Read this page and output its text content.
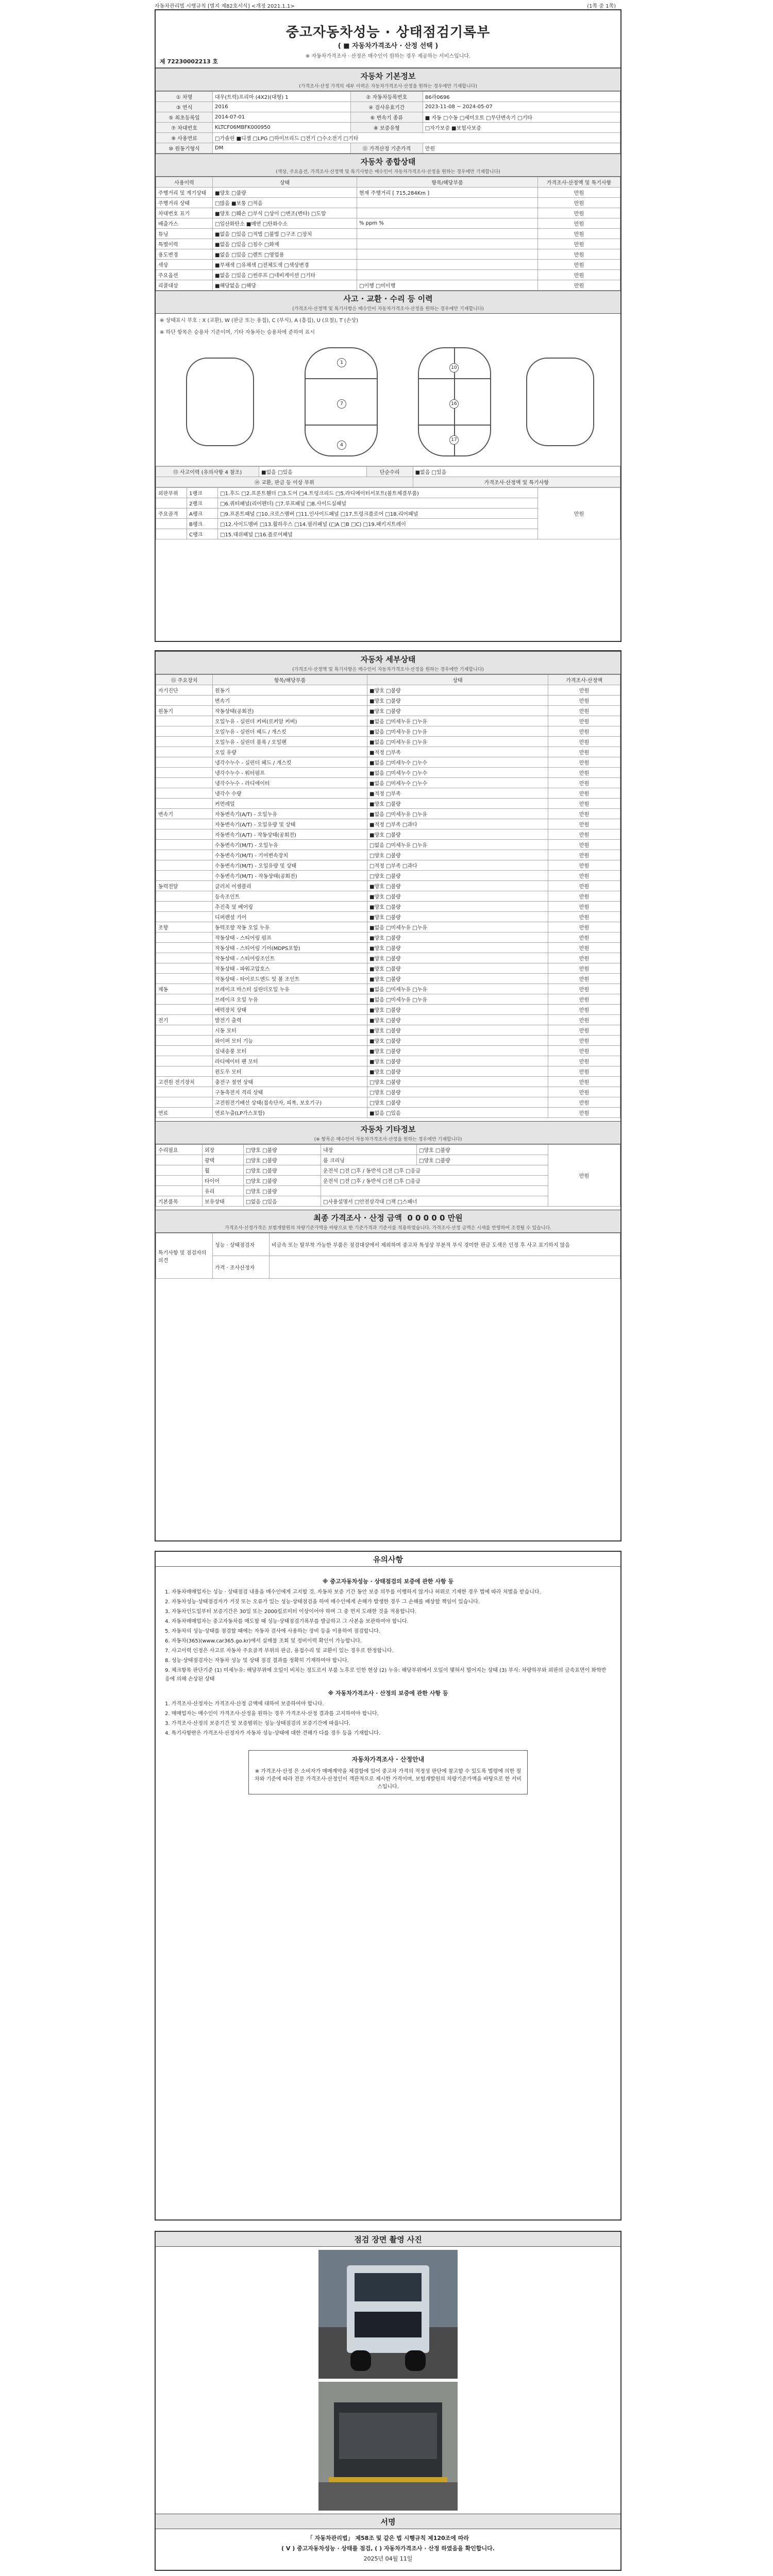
자동차관리법 시행규칙 [별지 제82호서식] <개정 2021.1.1>	(1쪽 중 1쪽)
중고자동차성능 · 상태점검기록부
( ■ 자동차가격조사 · 산정 선택 )
※ 자동차가격조사 · 산정은 매수인이 원하는 경우 제공하는 서비스입니다.
제 72230002213 호
자동차 기본정보
(가격조사·산정 가격의 세부 이력은 자동차가격조사·산정을 원하는 경우에만 기재합니다)
① 차명	대우(트럭)프리마 (4X2)(대형) 1	② 자동차등록번호	86라0696
③ 연식	2016	④ 검사유효기간	2023-11-08 ~ 2024-05-07
⑤ 최초등록일	2014-07-01	⑥ 변속기 종류	■ 자동 □수동 □세미오토 □무단변속기 □기타
⑦ 차대번호	KLTCF06MBFK000950	⑧ 보증유형	□자가보증 ■보험사보증
⑨ 사용연료	□가솔린 ■디젤 □LPG □하이브리드 □전기 □수소전기 □기타		
⑩ 원동기형식	DM	⑪ 가격산정 기준가격	만원
자동차 종합상태
(색상, 주요옵션, 가격조사·산정액 및 특기사항은 매수인이 자동차가격조사·산정을 원하는 경우에만 기재합니다)
사용이력	상태	항목/해당부품	가격조사·산정액 및 특기사항
주행거리 및 계기상태	■양호 □불량	현재 주행거리 [ 715,284Km ]	만원
주행거리 상태	□많음 ■보통 □적음		만원
차대번호 표기	■양호 □훼손 □부식 □상이 □변조(변타) □도말		만원
배출가스	□일산화탄소 ■매연 □탄화수소	% ppm %	만원
튜닝	■없음 □있음 □적법 □불법 □구조 □장치		만원
특별이력	■없음 □있음 □침수 □화재		만원
용도변경	■없음 □있음 □렌트 □영업용		만원
색상	■무채색 □유채색 □전체도색 □색상변경		만원
주요옵션	■없음 □있음 □썬루프 □네비게이션 □기타		만원
리콜대상	■해당없음 □해당	□이행 □미이행	만원
사고 · 교환 · 수리 등 이력
(가격조사·산정액 및 특기사항은 매수인이 자동차가격조사·산정을 원하는 경우에만 기재합니다)
※ 상태표시 부호 : X (교환), W (판금 또는 용접), C (부식), A (흠집), U (요철), T (손상)
※ 하단 항목은 승용차 기준이며, 기타 자동차는 승용차에 준하여 표시
1
7
4
10
16
17
⑬ 사고이력 (유의사항 4 참조)	■없음 □있음	단순수리	■없음 □있음
⑭ 교환, 판금 등 이상 부위			가격조사·산정액 및 특기사항
외판부위	1랭크	□1.후드 □2.프론트휀더 □3.도어 □4.트렁크리드 □5.라디에이터서포트(볼트체결부품)	만원
	2랭크	□6.쿼터패널(리어펜더) □7.루프패널 □8.사이드실패널	
주요골격	A랭크	□9.프론트패널 □10.크로스멤버 □11.인사이드패널 □17.트렁크플로어 □18.리어패널	
	B랭크	□12.사이드멤버 □13.휠하우스 □14.필러패널 (□A □B □C) □19.패키지트레이	
	C랭크	□15.대쉬패널 □16.플로어패널	
자동차 세부상태
(가격조사·산정액 및 특기사항은 매수인이 자동차가격조사·산정을 원하는 경우에만 기재합니다)
⑮ 주요장치	항목/해당부품	상태	가격조사·산정액
자기진단	원동기	■양호 □불량	만원
	변속기	■양호 □불량	만원
원동기	작동상태(공회전)	■양호 □불량	만원
	오일누유 - 실린더 커버(로커암 커버)	■없음 □미세누유 □누유	만원
	오일누유 - 실린더 헤드 / 개스킷	■없음 □미세누유 □누유	만원
	오일누유 - 실린더 블록 / 오일팬	■없음 □미세누유 □누유	만원
	오일 유량	■적정 □부족	만원
	냉각수누수 - 실린더 헤드 / 개스킷	■없음 □미세누수 □누수	만원
	냉각수누수 - 워터펌프	■없음 □미세누수 □누수	만원
	냉각수누수 - 라디에이터	■없음 □미세누수 □누수	만원
	냉각수 수량	■적정 □부족	만원
	커먼레일	■양호 □불량	만원
변속기	자동변속기(A/T) - 오일누유	■없음 □미세누유 □누유	만원
	자동변속기(A/T) - 오일유량 및 상태	■적정 □부족 □과다	만원
	자동변속기(A/T) - 작동상태(공회전)	■양호 □불량	만원
	수동변속기(M/T) - 오일누유	□없음 □미세누유 □누유	만원
	수동변속기(M/T) - 기어변속장치	□양호 □불량	만원
	수동변속기(M/T) - 오일유량 및 상태	□적정 □부족 □과다	만원
	수동변속기(M/T) - 작동상태(공회전)	□양호 □불량	만원
동력전달	클러치 어셈블리	■양호 □불량	만원
	등속조인트	■양호 □불량	만원
	추진축 및 베어링	■양호 □불량	만원
	디퍼렌셜 기어	■양호 □불량	만원
조향	동력조향 작동 오일 누유	■없음 □미세누유 □누유	만원
	작동상태 - 스티어링 펌프	■양호 □불량	만원
	작동상태 - 스티어링 기어(MDPS포함)	■양호 □불량	만원
	작동상태 - 스티어링조인트	■양호 □불량	만원
	작동상태 - 파워고압호스	■양호 □불량	만원
	작동상태 - 타이로드엔드 및 볼 조인트	■양호 □불량	만원
제동	브레이크 마스터 실린더오일 누유	■없음 □미세누유 □누유	만원
	브레이크 오일 누유	■없음 □미세누유 □누유	만원
	배력장치 상태	■양호 □불량	만원
전기	발전기 출력	■양호 □불량	만원
	시동 모터	■양호 □불량	만원
	와이퍼 모터 기능	■양호 □불량	만원
	실내송풍 모터	■양호 □불량	만원
	라디에이터 팬 모터	■양호 □불량	만원
	윈도우 모터	■양호 □불량	만원
고전원 전기장치	충전구 절연 상태	□양호 □불량	만원
	구동축전지 격리 상태	□양호 □불량	만원
	고전원전기배선 상태(접속단자, 피복, 보호기구)	□양호 □불량	만원
연료	연료누출(LP가스포함)	■없음 □있음	만원
자동차 기타정보
(※ 항목은 매수인이 자동차가격조사·산정을 원하는 경우에만 기재합니다)
수리필요	외장	□양호 □불량	내장	□양호 □불량	만원
	광택	□양호 □불량	룸 크리닝	□양호 □불량	
	휠	□양호 □불량	운전석 □전 □후 / 동반석 □전 □후 □응급		
	타이어	□양호 □불량	운전석 □전 □후 / 동반석 □전 □후 □응급		
	유리	□양호 □불량			
기본품목	보유상태	□없음 □있음	□사용설명서 □안전삼각대 □잭 □스패너		
최종 가격조사 · 산정 금액 0 0 0 0 0 만원
가격조사·산정가격은 보험개발원의 차량기준가액을 바탕으로 한 기준가격과 기준서를 적용하였습니다. 가격조사·산정 금액은 시세를 반영하여 조정될 수 있습니다.
특기사항 및 점검자의 의견	성능 · 상태점검자	비금속 또는 탈부착 가능한 부품은 점검대상에서 제외하며 중고차 특성상 부분적 부식 경미한 판금 도색은 인정 후 사고 표기하지 않음
	가격 · 조사산정자	
유의사항
※ 중고자동차성능 · 상태점검의 보증에 관한 사항 등

1. 자동차매매업자는 성능 · 상태점검 내용을 매수인에게 고지할 것. 자동차 보증 기간 동안 보증 의무를 이행하지 않거나 허위로 기재한 경우 법에 따라 처벌을 받습니다.

2. 자동차성능·상태점검자가 거짓 또는 오류가 있는 성능·상태점검을 하여 매수인에게 손해가 발생한 경우 그 손해를 배상할 책임이 있습니다.

3. 자동차인도일부터 보증기간은 30일 또는 2000킬로미터 이상이어야 하며 그 중 먼저 도래한 것을 적용합니다.

4. 자동차매매업자는 중고자동차를 매도할 때 성능·상태점검기록부를 발급하고 그 사본을 보관하여야 합니다.

5. 자동차의 성능·상태를 점검할 때에는 자동차 검사에 사용하는 장비 등을 이용하여 점검합니다.

6. 자동차(365)(www.car365.go.kr)에서 실매물 조회 및 정비이력 확인이 가능합니다.

7. 사고이력 인정은 사고로 자동차 주요골격 부위의 판금, 용접수리 및 교환이 있는 경우로 한정합니다.

8. 성능·상태점검자는 자동차 성능 및 상태 점검 결과를 정확히 기재하여야 합니다.

9. 체크항목 판단기준 (1) 미세누유: 해당부위에 오일이 비치는 정도로서 부품 노후로 인한 현상 (2) 누유: 해당부위에서 오일이 맺혀서 떨어지는 상태 (3) 부식: 차량하부와 외판의 금속표면이 화학반응에 의해 손상된 상태

※ 자동차가격조사 · 산정의 보증에 관한 사항 등

1. 가격조사·산정자는 가격조사·산정 금액에 대하여 보증하여야 합니다.

2. 매매업자는 매수인이 가격조사·산정을 원하는 경우 가격조사·산정 결과를 고지하여야 합니다.

3. 가격조사·산정의 보증기간 및 보증범위는 성능·상태점검의 보증기간에 따릅니다.

4. 특기사항란은 가격조사·산정자가 자동차 성능·상태에 대한 견해가 다를 경우 등을 기재합니다.

자동차가격조사 · 산정안내
※ 가격조사·산정 은 소비자가 매매계약을 체결함에 있어 중고차 가격의 적정성 판단에 참고할 수 있도록 법령에 의한 절차와 기준에 따라 전문 가격조사·산정인이 객관적으로 제시한 가격이며, 보험개발원의 차량기준가액을 바탕으로 한 서비스입니다.
점검 장면 촬영 사진
서명
「 자동차관리법」 제58조 및 같은 법 시행규칙 제120조에 따라
( V ) 중고자동차성능 · 상태를 점검, ( ) 자동차가격조사 · 산정 하였음을 확인합니다.
2025년 04월 11일
